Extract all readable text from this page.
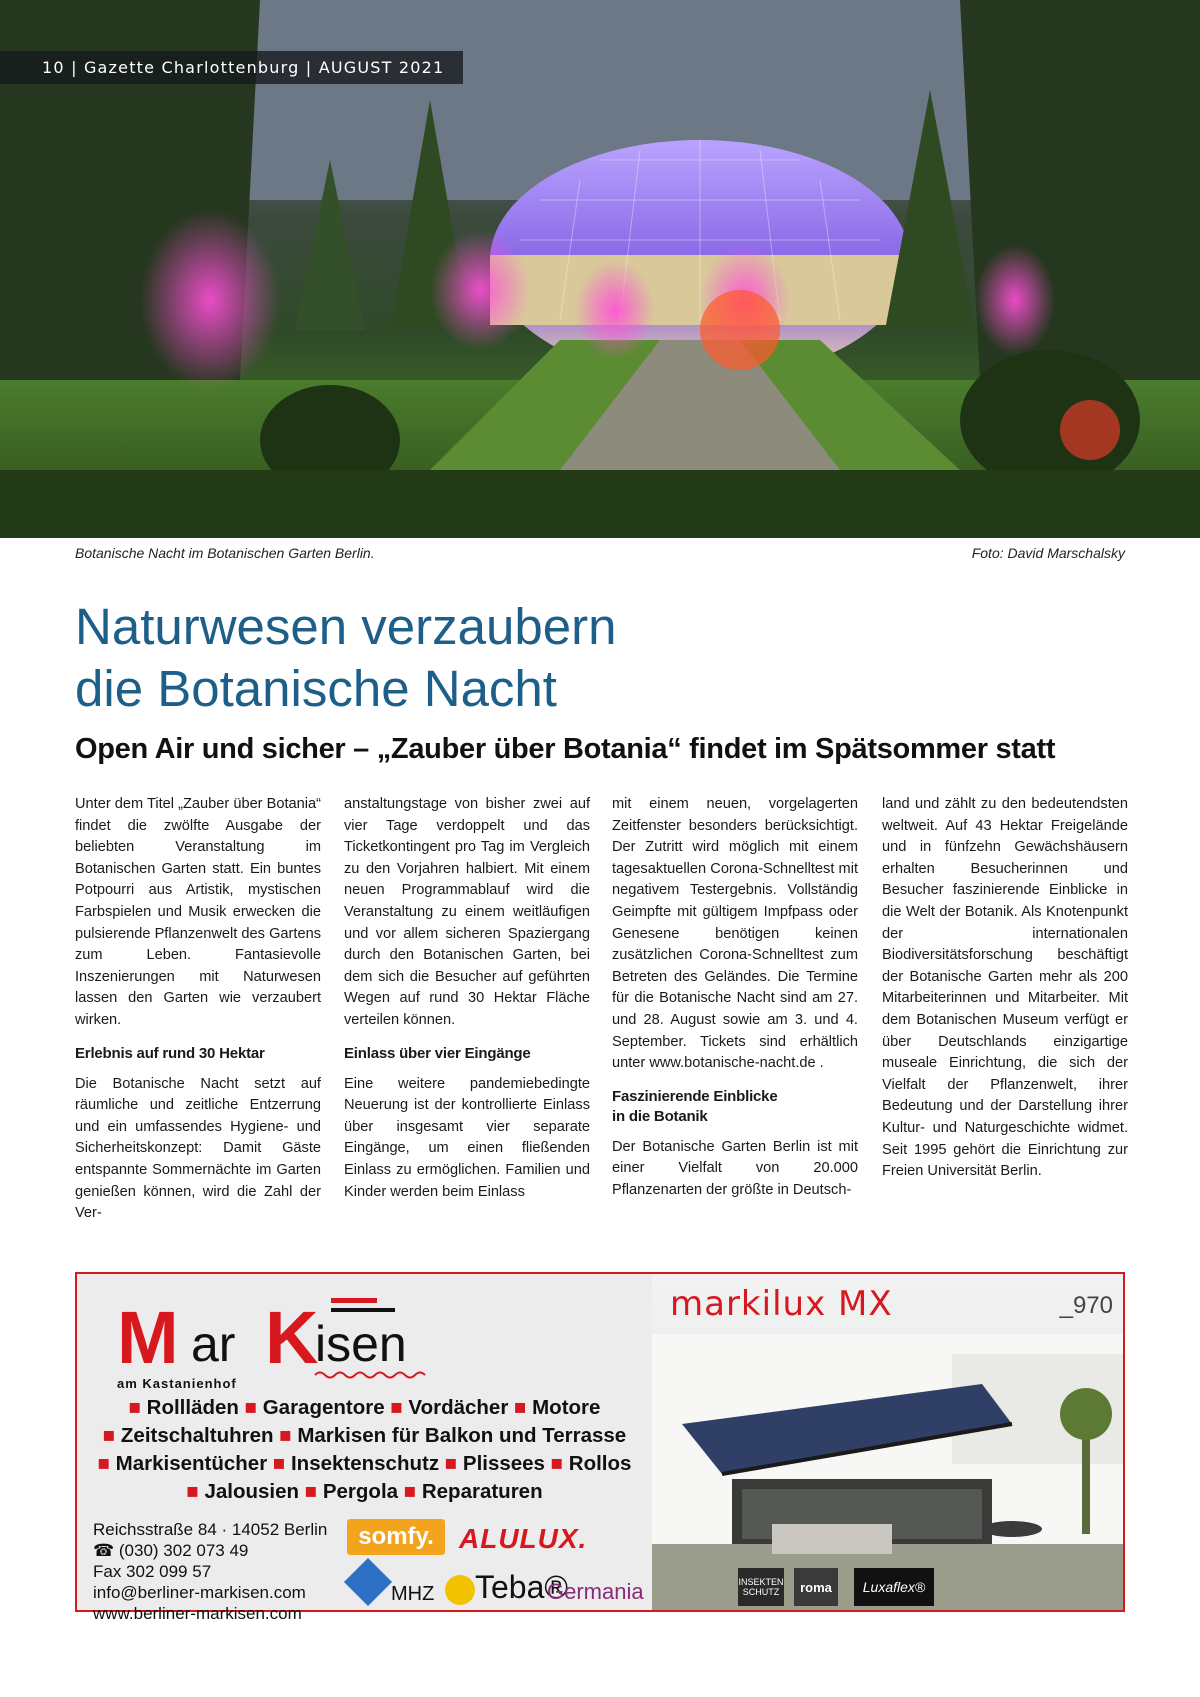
10 | Gazette Charlottenburg | AUGUST 2021
Botanische Nacht im Botanischen Garten Berlin.	Foto: David Marschalsky
Naturwesen verzaubern
die Botanische Nacht
Open Air und sicher – „Zauber über Botania“ findet im Spätsommer statt

Unter dem Titel „Zauber über Botania“ findet die zwölfte Ausgabe der beliebten Veranstaltung im Botanischen Garten statt. Ein buntes Potpourri aus Artistik, mystischen Farbspielen und Musik erwecken die pulsierende Pflanzenwelt des Gartens zum Leben. Fantasievolle Inszenierungen mit Naturwesen lassen den Garten wie verzaubert wirken.

Erlebnis auf rund 30 Hektar

Die Botanische Nacht setzt auf räumliche und zeitliche Entzerrung und ein umfassendes Hygiene- und Sicherheitskonzept: Damit Gäste entspannte Sommernächte im Garten genießen können, wird die Zahl der Ver-

anstaltungstage von bisher zwei auf vier Tage verdoppelt und das Ticketkontingent pro Tag im Vergleich zu den Vorjahren halbiert. Mit einem neuen Programmablauf wird die Veranstaltung zu einem weitläufigen und vor allem sicheren Spaziergang durch den Botanischen Garten, bei dem sich die Besucher auf geführten Wegen auf rund 30 Hektar Fläche verteilen können.

Einlass über vier Eingänge

Eine weitere pandemiebedingte Neuerung ist der kontrollierte Einlass über insgesamt vier separate Eingänge, um einen fließenden Einlass zu ermöglichen. Familien und Kinder werden beim Einlass

mit einem neuen, vorgelagerten Zeitfenster besonders berücksichtigt. Der Zutritt wird möglich mit einem tagesaktuellen Corona-Schnelltest mit negativem Testergebnis. Vollständig Geimpfte mit gültigem Impfpass oder Genesene benötigen keinen zusätzlichen Corona-Schnelltest zum Betreten des Geländes. Die Termine für die Botanische Nacht sind am 27. und 28. August sowie am 3. und 4. September. Tickets sind erhältlich unter www.botanische-nacht.de .

Faszinierende Einblicke
in die Botanik

Der Botanische Garten Berlin ist mit einer Vielfalt von 20.000 Pflanzenarten der größte in Deutsch-

land und zählt zu den bedeutendsten weltweit. Auf 43 Hektar Freigelände und in fünfzehn Gewächshäusern erhalten Besucherinnen und Besucher faszinierende Einblicke in die Welt der Botanik. Als Knotenpunkt der internationalen Biodiversitätsforschung beschäftigt der Botanische Garten mehr als 200 Mitarbeiterinnen und Mitarbeiter. Mit dem Botanischen Museum verfügt er über Deutschlands einzigartige museale Einrichtung, die sich der Vielfalt der Pflanzenwelt, ihrer Bedeutung und der Darstellung ihrer Kultur- und Naturgeschichte widmet. Seit 1995 gehört die Einrichtung zur Freien Universität Berlin.

M ar K
isen
am Kastanienhof
■ Rollläden ■ Garagentore ■ Vordächer ■ Motore
■ Zeitschaltuhren ■ Markisen für Balkon und Terrasse
■ Markisentücher ■ Insektenschutz ■ Plissees ■ Rollos
■ Jalousien ■ Pergola ■ Reparaturen
Reichsstraße 84 · 14052 Berlin
☎ (030) 302 073 49
Fax 302 099 57
info@berliner-markisen.com
www.berliner-markisen.com
somfy. ALULUX.
MHZ Teba®
Germania
markilux MX	_970
INSEKTEN SCHUTZ	roma	Luxaflex®
